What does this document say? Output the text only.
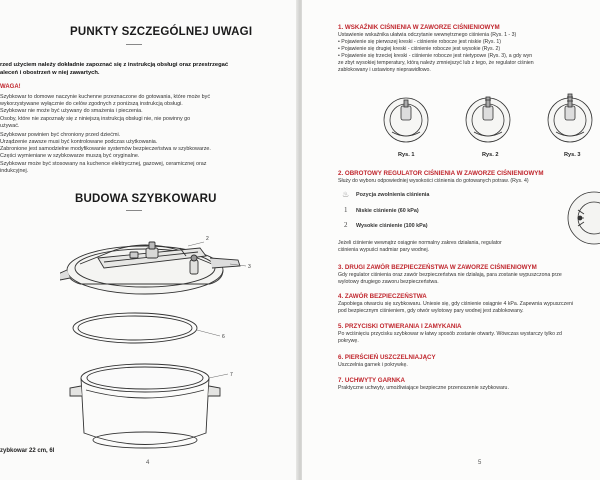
PUNKTY SZCZEGÓLNEJ UWAGI
rzed użyciem należy dokładnie zapoznać się z instrukcją obsługi oraz przestrzegać
aleceń i obostrzeń w niej zawartych.
WAGA!
Szybkowar to domowe naczynie kuchenne przeznaczone do gotowania, które może być
wykorzystywane wyłącznie do celów zgodnych z poniższą instrukcją obsługi.
Szybkowar nie może być używany do smażenia i pieczenia.
Osoby, które nie zapoznały się z niniejszą instrukcją obsługi nie, nie powinny go
używać.
Szybkowar powinien być chroniony przed dziećmi.
Urządzenie zawsze musi być kontrolowane podczas użytkowania.
Zabronione jest samodzielne modyfikowanie systemów bezpieczeństwa w szybkowarze.
Części wymieniane w szybkowarze muszą być oryginalne.
Szybkowar może być stosowany na kuchence elektrycznej, gazowej, ceramicznej oraz
indukcyjnej.
BUDOWA SZYBKOWARU
2
3
6
7
zybkowar 22 cm, 6l
4
1. WSKAŹNIK CIŚNIENIA W ZAWORZE CIŚNIENIOWYM
Ustawienie wskaźnika ułatwia odczytanie wewnętrznego ciśnienia (Rys. 1 - 3)
• Pojawienie się pierwszej kreski - ciśnienie robocze jest niskie (Rys. 1)
• Pojawienie się drugiej kreski - ciśnienie robocze jest wysokie (Rys. 2)
• Pojawienie się trzeciej kreski - ciśnienie robocze jest nietypowe (Rys. 3), a gdy wyn
ze zbyt wysokiej temperatury, którą należy zmniejszyć lub z tego, że regulator ciśnien
zablokowany i ustawiony nieprawidłowo.
Rys. 1	Rys. 2	Rys. 3
2. OBROTOWY REGULATOR CIŚNIENIA W ZAWORZE CIŚNIENIOWYM
Służy do wyboru odpowiedniej wysokości ciśnienia do gotowanych potraw. (Rys. 4)
♨ Pozycja zwolnienia ciśnienia
1 Niskie ciśnienie (60 kPa)
2 Wysokie ciśnienie (100 kPa)
Jeżeli ciśnienie wewnątrz osiągnie normalny zakres działania, regulator
ciśnienia wypuści nadmiar pary wodnej.
3. DRUGI ZAWÓR BEZPIECZEŃSTWA W ZAWORZE CIŚNIENIOWYM
Gdy regulator ciśnienia oraz zawór bezpieczeństwa nie działają, para zostanie wypuszczona prze
wylotowy drugiego zaworu bezpieczeństwa.
4. ZAWÓR BEZPIECZEŃSTWA
Zapobiega otwarciu się szybkowaru. Uniesie się, gdy ciśnienie osiągnie 4 kPa. Zapewnia wypuszczeni
pod bezpiecznym ciśnieniem, gdy otwór wylotowy pary wodnej jest zablokowany.
5. PRZYCISKI OTWIERANIA I ZAMYKANIA
Po wciśnięciu przycisku szybkowar w łatwy sposób zostanie otwarty. Wówczas wystarczy tylko zd
pokrywę.
6. PIERŚCIEŃ USZCZELNIAJĄCY
Uszczelnia garnek i pokrywkę.
7. UCHWYTY GARNKA
Praktyczne uchwyty, umożliwiające bezpieczne przenoszenie szybkowaru.
5
